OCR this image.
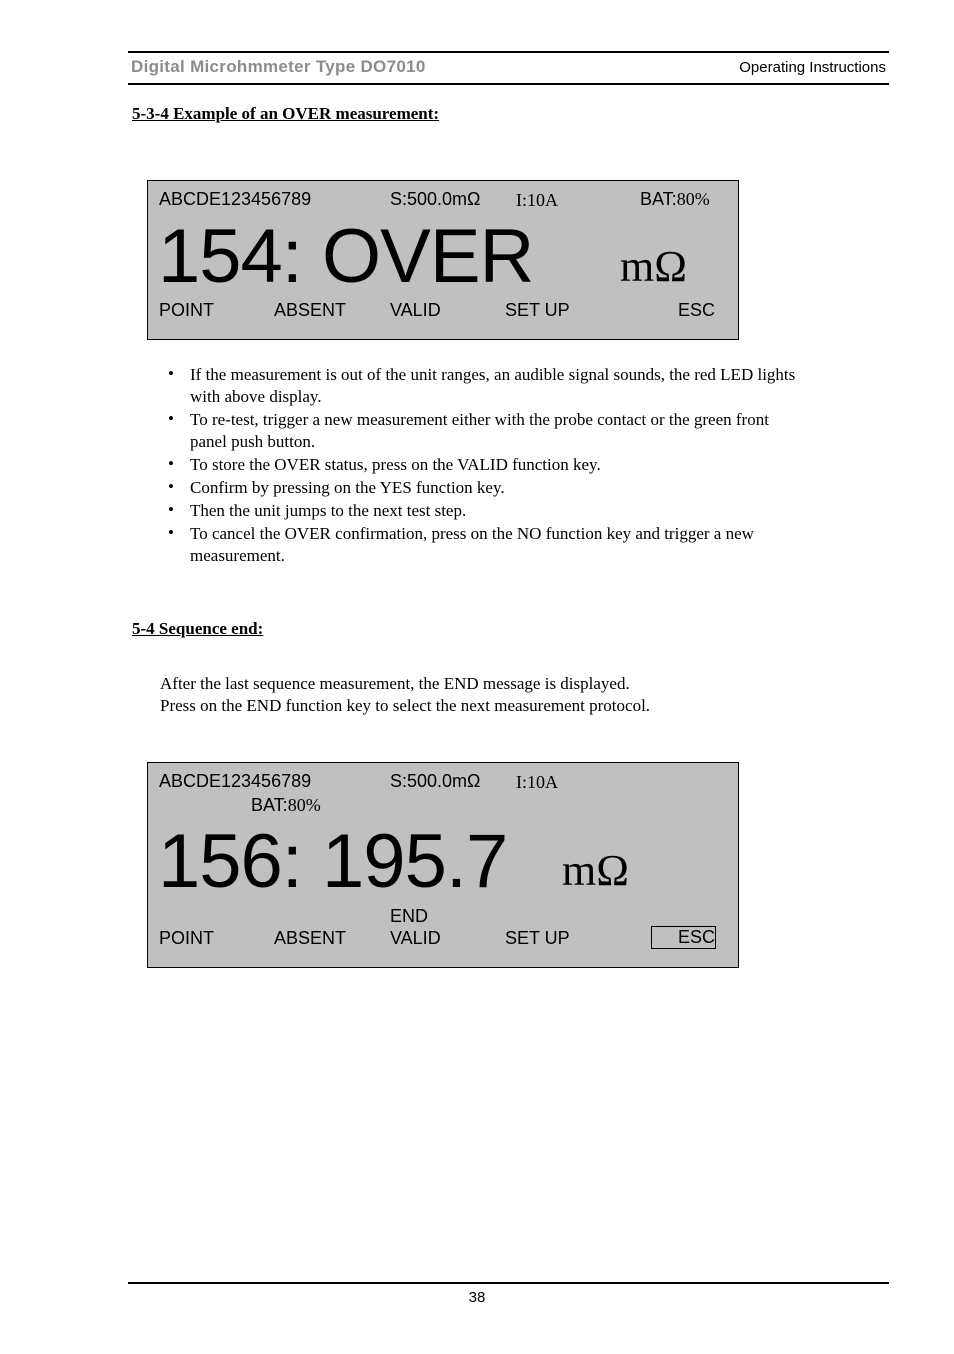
Digital Microhmmeter Type DO7010	Operating Instructions
5-3-4 Example of an OVER measurement:
ABCDE123456789	S:500.0mΩ I:10A	BAT:80%
154: OVER mΩ
POINT	ABSENT VALID	SET UP	ESC
• If the measurement is out of the unit ranges, an audible signal sounds, the red LED lights with above display.
• To re-test, trigger a new measurement either with the probe contact or the green front panel push button.
• To store the OVER status, press on the VALID function key.
• Confirm by pressing on the YES function key.
• Then the unit jumps to the next test step.
• To cancel the OVER confirmation, press on the NO function key and trigger a new measurement.
5-4 Sequence end:
After the last sequence measurement, the END message is displayed.
Press on the END function key to select the next measurement protocol.
ABCDE123456789	S:500.0mΩ I:10A
BAT:80%
156: 195.7 mΩ
END
POINT	ABSENT VALID	SET UP	ESC
38
